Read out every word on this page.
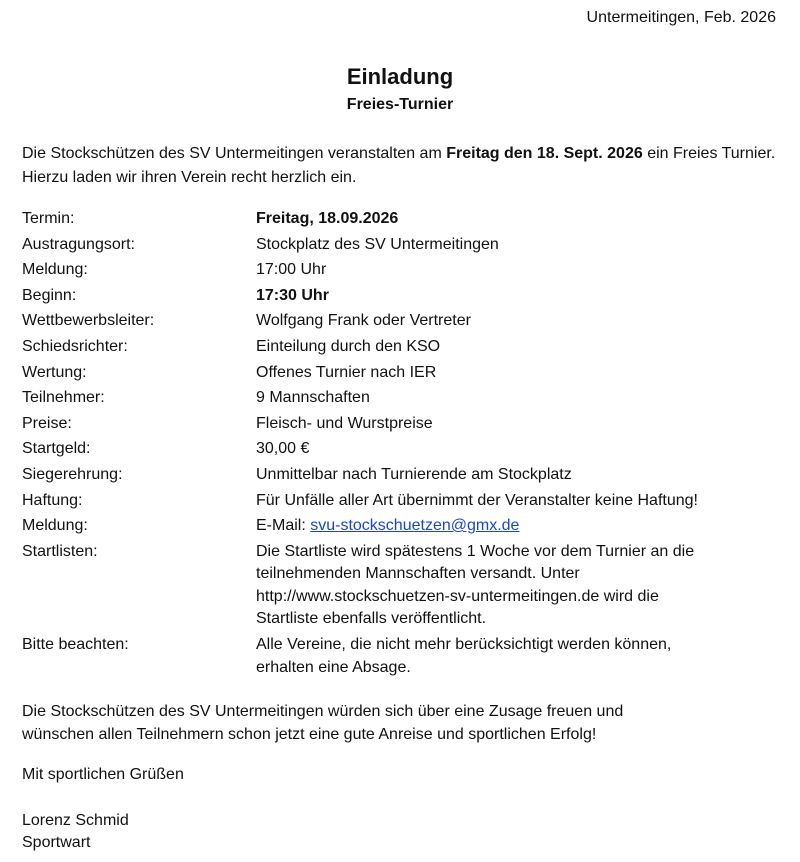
Untermeitingen, Feb. 2026
Einladung
Freies-Turnier
Die Stockschützen des SV Untermeitingen veranstalten am Freitag den 18. Sept. 2026 ein Freies Turnier. Hierzu laden wir ihren Verein recht herzlich ein.
Termin:	Freitag, 18.09.2026
Austragungsort:	Stockplatz des SV Untermeitingen
Meldung:	17:00 Uhr
Beginn:	17:30 Uhr
Wettbewerbsleiter:	Wolfgang Frank oder Vertreter
Schiedsrichter:	Einteilung durch den KSO
Wertung:	Offenes Turnier nach IER
Teilnehmer:	9 Mannschaften
Preise:	Fleisch- und Wurstpreise
Startgeld:	30,00 €
Siegerehrung:	Unmittelbar nach Turnierende am Stockplatz
Haftung:	Für Unfälle aller Art übernimmt der Veranstalter keine Haftung!
Meldung:	E-Mail: svu-stockschuetzen@gmx.de
Startlisten:	Die Startliste wird spätestens 1 Woche vor dem Turnier an die
teilnehmenden Mannschaften versandt. Unter
http://www.stockschuetzen-sv-untermeitingen.de wird die
Startliste ebenfalls veröffentlicht.
Bitte beachten:	Alle Vereine, die nicht mehr berücksichtigt werden können,
erhalten eine Absage.
Die Stockschützen des SV Untermeitingen würden sich über eine Zusage freuen und
wünschen allen Teilnehmern schon jetzt eine gute Anreise und sportlichen Erfolg!
Mit sportlichen Grüßen
Lorenz Schmid
Sportwart
